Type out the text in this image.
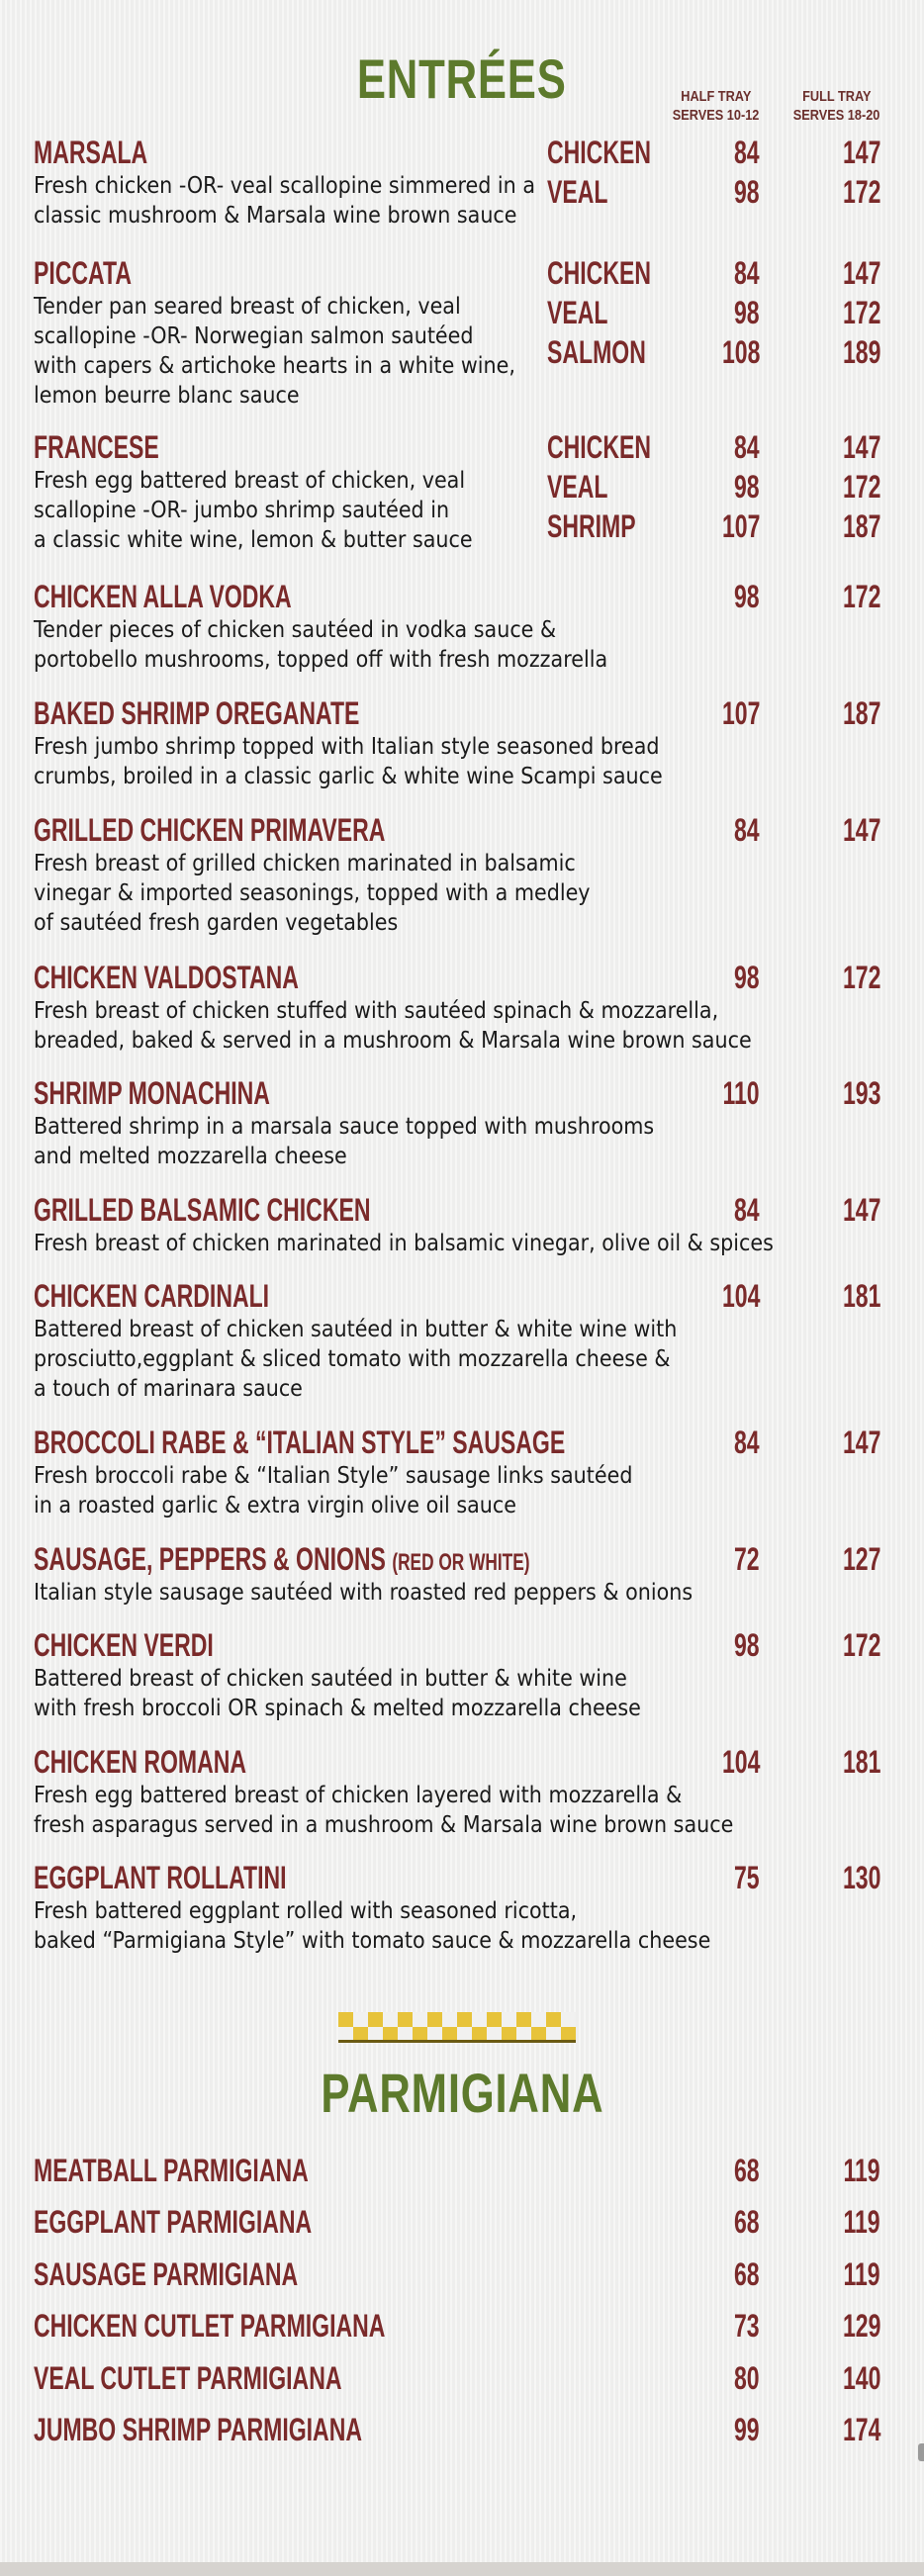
ENTRÉES	HALF TRAY
SERVES 10-12
FULL TRAY
SERVES 18-20
MARSALA
Fresh chicken -OR- veal scallopine simmered in a
classic mushroom & Marsala wine brown sauce
CHICKEN	84	147
VEAL	98	172
PICCATA
Tender pan seared breast of chicken, veal
scallopine -OR- Norwegian salmon sautéed
with capers & artichoke hearts in a white wine,
lemon beurre blanc sauce
CHICKEN	84	147
VEAL	98	172
SALMON	108	189
FRANCESE
Fresh egg battered breast of chicken, veal
scallopine -OR- jumbo shrimp sautéed in
a classic white wine, lemon & butter sauce
CHICKEN	84	147
VEAL	98	172
SHRIMP	107	187
CHICKEN ALLA VODKA
Tender pieces of chicken sautéed in vodka sauce &
portobello mushrooms, topped off with fresh mozzarella
98	172
BAKED SHRIMP OREGANATE
Fresh jumbo shrimp topped with Italian style seasoned bread
crumbs, broiled in a classic garlic & white wine Scampi sauce
107	187
GRILLED CHICKEN PRIMAVERA
Fresh breast of grilled chicken marinated in balsamic
vinegar & imported seasonings, topped with a medley
of sautéed fresh garden vegetables
84	147
CHICKEN VALDOSTANA
Fresh breast of chicken stuffed with sautéed spinach & mozzarella,
breaded, baked & served in a mushroom & Marsala wine brown sauce
98	172
SHRIMP MONACHINA
Battered shrimp in a marsala sauce topped with mushrooms
and melted mozzarella cheese
110	193
GRILLED BALSAMIC CHICKEN
Fresh breast of chicken marinated in balsamic vinegar, olive oil & spices
84	147
CHICKEN CARDINALI
Battered breast of chicken sautéed in butter & white wine with
prosciutto,eggplant & sliced tomato with mozzarella cheese &
a touch of marinara sauce
104	181
BROCCOLI RABE & “ITALIAN STYLE” SAUSAGE
Fresh broccoli rabe & “Italian Style” sausage links sautéed
in a roasted garlic & extra virgin olive oil sauce
84	147
SAUSAGE, PEPPERS & ONIONS (RED OR WHITE)
Italian style sausage sautéed with roasted red peppers & onions
72	127
CHICKEN VERDI
Battered breast of chicken sautéed in butter & white wine
with fresh broccoli OR spinach & melted mozzarella cheese
98	172
CHICKEN ROMANA
Fresh egg battered breast of chicken layered with mozzarella &
fresh asparagus served in a mushroom & Marsala wine brown sauce
104	181
EGGPLANT ROLLATINI
Fresh battered eggplant rolled with seasoned ricotta,
baked “Parmigiana Style” with tomato sauce & mozzarella cheese
75	130
PARMIGIANA
MEATBALL PARMIGIANA	68	119
EGGPLANT PARMIGIANA	68	119
SAUSAGE PARMIGIANA	68	119
CHICKEN CUTLET PARMIGIANA	73	129
VEAL CUTLET PARMIGIANA	80	140
JUMBO SHRIMP PARMIGIANA	99	174
